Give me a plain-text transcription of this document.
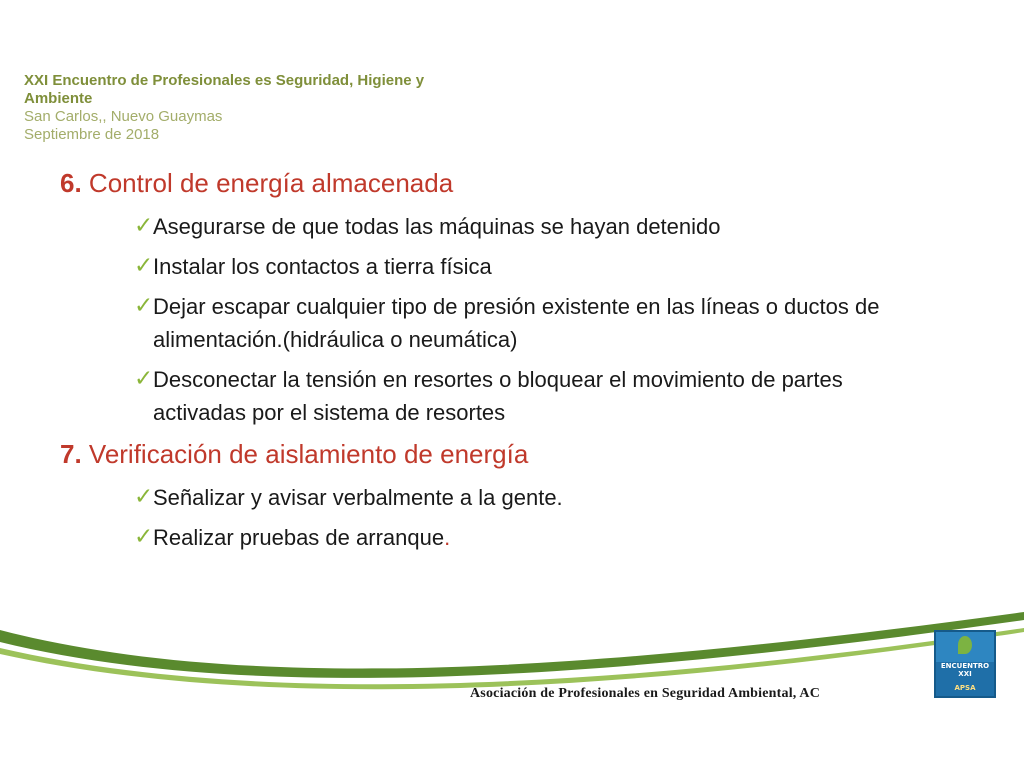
XXI Encuentro de Profesionales es Seguridad, Higiene y
Ambiente
San Carlos,, Nuevo Guaymas
Septiembre de 2018
6. Control de energía almacenada
✓ Asegurarse de que todas las máquinas se hayan detenido
✓ Instalar los contactos a tierra física
✓ Dejar escapar cualquier tipo de presión existente en las líneas o ductos de alimentación.(hidráulica o neumática)
✓ Desconectar la tensión en resortes o bloquear el movimiento de partes activadas por el sistema de resortes
7. Verificación de aislamiento de energía
✓ Señalizar y avisar verbalmente a la gente.
✓ Realizar pruebas de arranque.
Asociación de Profesionales en Seguridad Ambiental, AC
ENCUENTRO XXI
APSA
